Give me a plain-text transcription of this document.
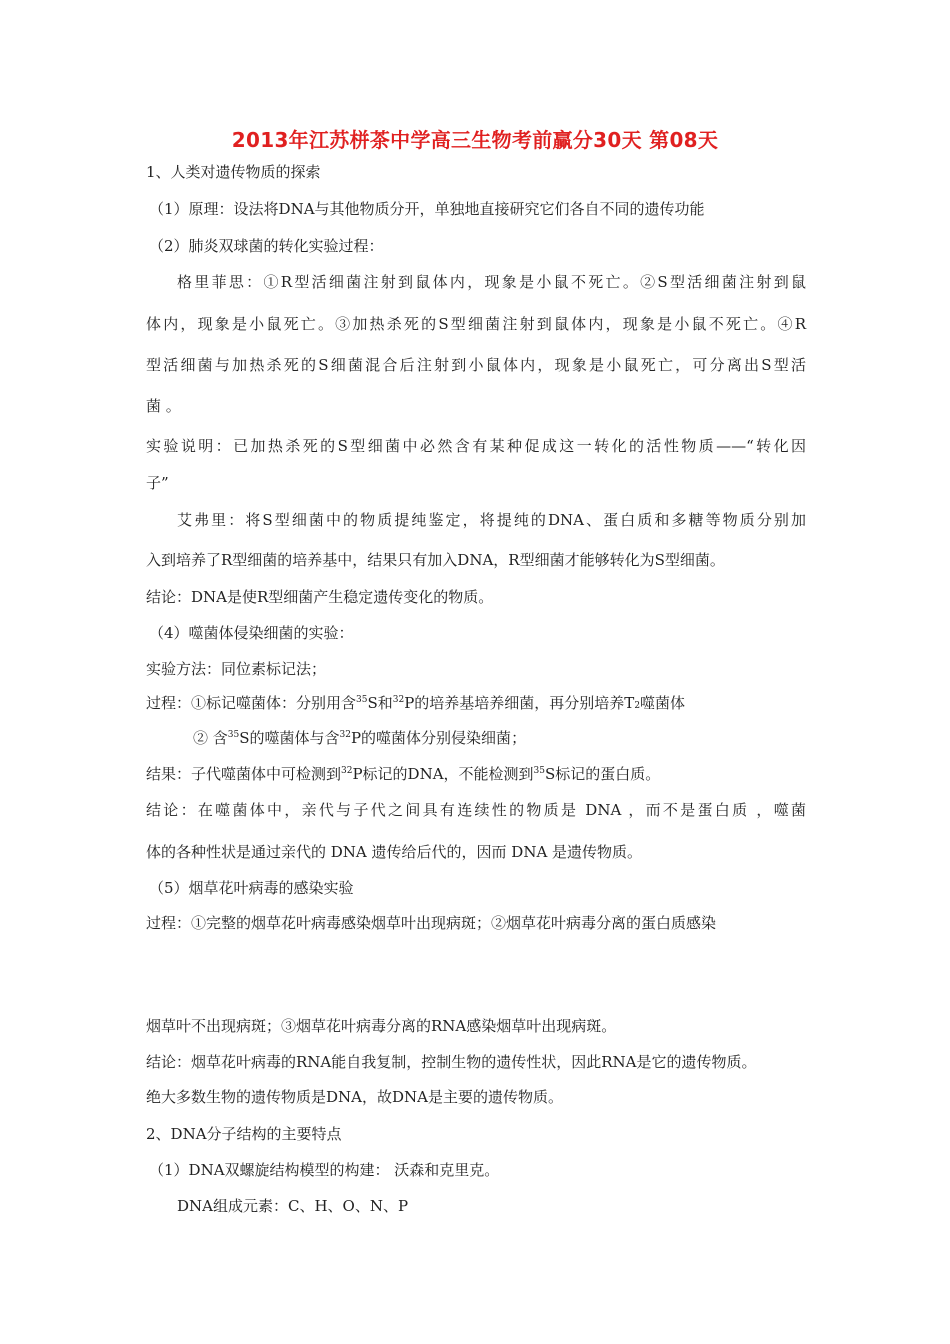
2013年江苏栟茶中学高三生物考前赢分30天 第08天
1、人类对遗传物质的探索
（1）原理：设法将DNA与其他物质分开，单独地直接研究它们各自不同的遗传功能
（2）肺炎双球菌的转化实验过程：
格里菲思：①R型活细菌注射到鼠体内，现象是小鼠不死亡。②S型活细菌注射到鼠
体内，现象是小鼠死亡。③加热杀死的S型细菌注射到鼠体内，现象是小鼠不死亡。④R
型活细菌与加热杀死的S细菌混合后注射到小鼠体内，现象是小鼠死亡，可分离出S型活
菌 。
实验说明：已加热杀死的S型细菌中必然含有某种促成这一转化的活性物质——“转化因
子”
艾弗里：将S型细菌中的物质提纯鉴定，将提纯的DNA、蛋白质和多糖等物质分别加
入到培养了R型细菌的培养基中，结果只有加入DNA，R型细菌才能够转化为S型细菌。
结论：DNA是使R型细菌产生稳定遗传变化的物质。
（4）噬菌体侵染细菌的实验：
实验方法：同位素标记法；
过程：①标记噬菌体：分别用含$^{35}$S和$^{32}$P的培养基培养细菌，再分别培养$T_2$噬菌体
② 含$^{35}$S的噬菌体与含$^{32}$P的噬菌体分别侵染细菌；
结果：子代噬菌体中可检测到$^{32}$P标记的DNA，不能检测到$^{35}$S标记的蛋白质。
结论：在噬菌体中，亲代与子代之间具有连续性的物质是 DNA ，而不是蛋白质 ，噬菌
体的各种性状是通过亲代的 DNA 遗传给后代的，因而 DNA 是遗传物质。
（5）烟草花叶病毒的感染实验
过程：①完整的烟草花叶病毒感染烟草叶出现病斑；②烟草花叶病毒分离的蛋白质感染
烟草叶不出现病斑；③烟草花叶病毒分离的RNA感染烟草叶出现病斑。
结论：烟草花叶病毒的RNA能自我复制，控制生物的遗传性状，因此RNA是它的遗传物质。
绝大多数生物的遗传物质是DNA，故DNA是主要的遗传物质。
2、DNA分子结构的主要特点
（1）DNA双螺旋结构模型的构建： 沃森和克里克。
DNA组成元素：C、H、O、N、P
